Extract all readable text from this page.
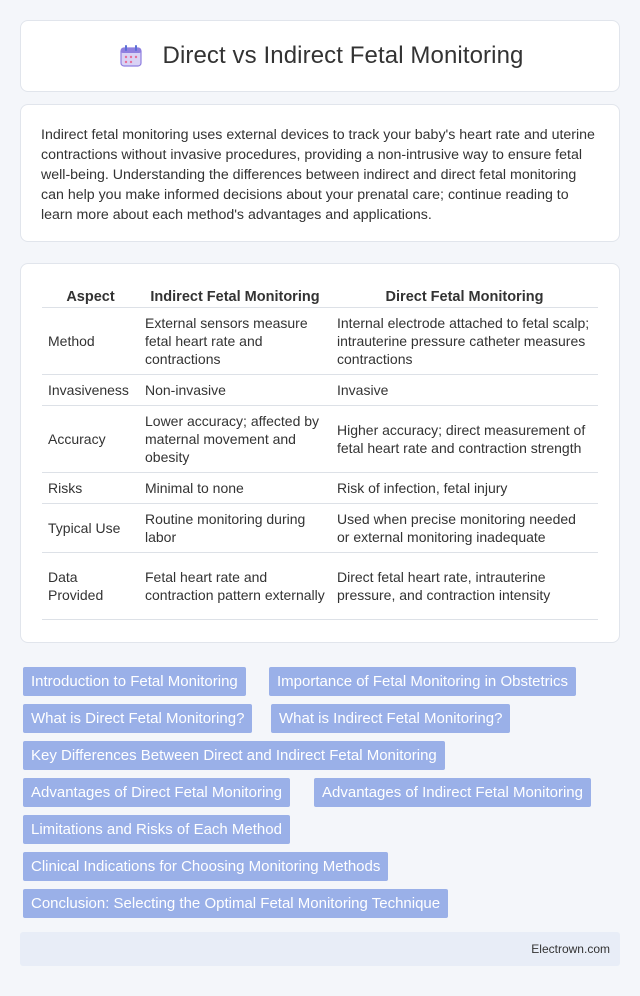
Direct vs Indirect Fetal Monitoring

Indirect fetal monitoring uses external devices to track your baby's heart rate and uterine contractions without invasive procedures, providing a non-intrusive way to ensure fetal well-being. Understanding the differences between indirect and direct fetal monitoring can help you make informed decisions about your prenatal care; continue reading to learn more about each method's advantages and applications.

Aspect	Indirect Fetal Monitoring	Direct Fetal Monitoring
Method	External sensors measure fetal heart rate and contractions	Internal electrode attached to fetal scalp; intrauterine pressure catheter measures contractions
Invasiveness	Non-invasive	Invasive
Accuracy	Lower accuracy; affected by maternal movement and obesity	Higher accuracy; direct measurement of fetal heart rate and contraction strength
Risks	Minimal to none	Risk of infection, fetal injury
Typical Use	Routine monitoring during labor	Used when precise monitoring needed or external monitoring inadequate
Data Provided	Fetal heart rate and contraction pattern externally	Direct fetal heart rate, intrauterine pressure, and contraction intensity
Introduction to Fetal Monitoring	Importance of Fetal Monitoring in Obstetrics
What is Direct Fetal Monitoring?	What is Indirect Fetal Monitoring?
Key Differences Between Direct and Indirect Fetal Monitoring
Advantages of Direct Fetal Monitoring	Advantages of Indirect Fetal Monitoring
Limitations and Risks of Each Method
Clinical Indications for Choosing Monitoring Methods
Conclusion: Selecting the Optimal Fetal Monitoring Technique
Electrown.com
